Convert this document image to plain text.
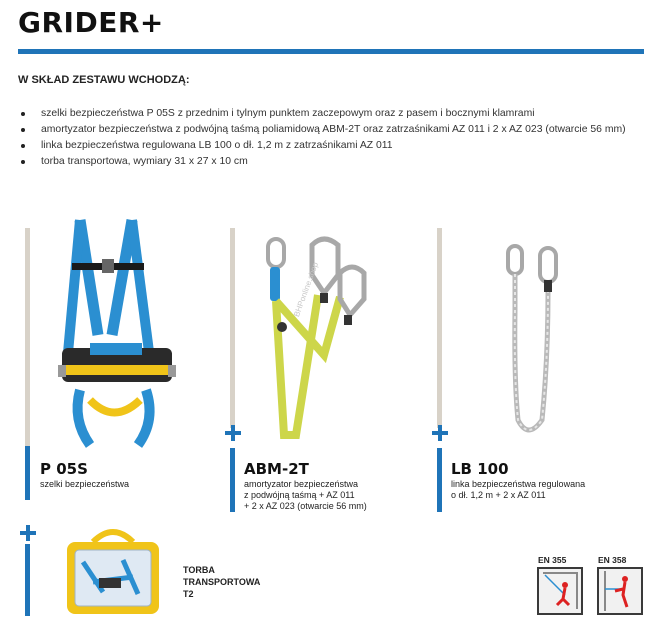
GRIDER+
W SKŁAD ZESTAWU WCHODZĄ:
szelki bezpieczeństwa P 05S z przednim i tylnym punktem zaczepowym oraz z pasem i bocznymi klamrami
amortyzator bezpieczeństwa z podwójną taśmą poliamidową ABM-2T oraz zatrzaśnikami AZ 011 i 2 x AZ 023 (otwarcie 56 mm)
linka bezpieczeństwa regulowana LB 100 o dł. 1,2 m z zatrzaśnikami AZ 011
torba transportowa, wymiary 31 x 27 x 10 cm
BHPonline.shop
P 05S
szelki bezpieczeństwa
ABM-2T
amortyzator bezpieczeństwa
z podwójną taśmą + AZ 011
+ 2 x AZ 023 (otwarcie 56 mm)
LB 100
linka bezpieczeństwa regulowana
o dł. 1,2 m + 2 x AZ 011
TORBA
TRANSPORTOWA
T2
EN 355	EN 358
